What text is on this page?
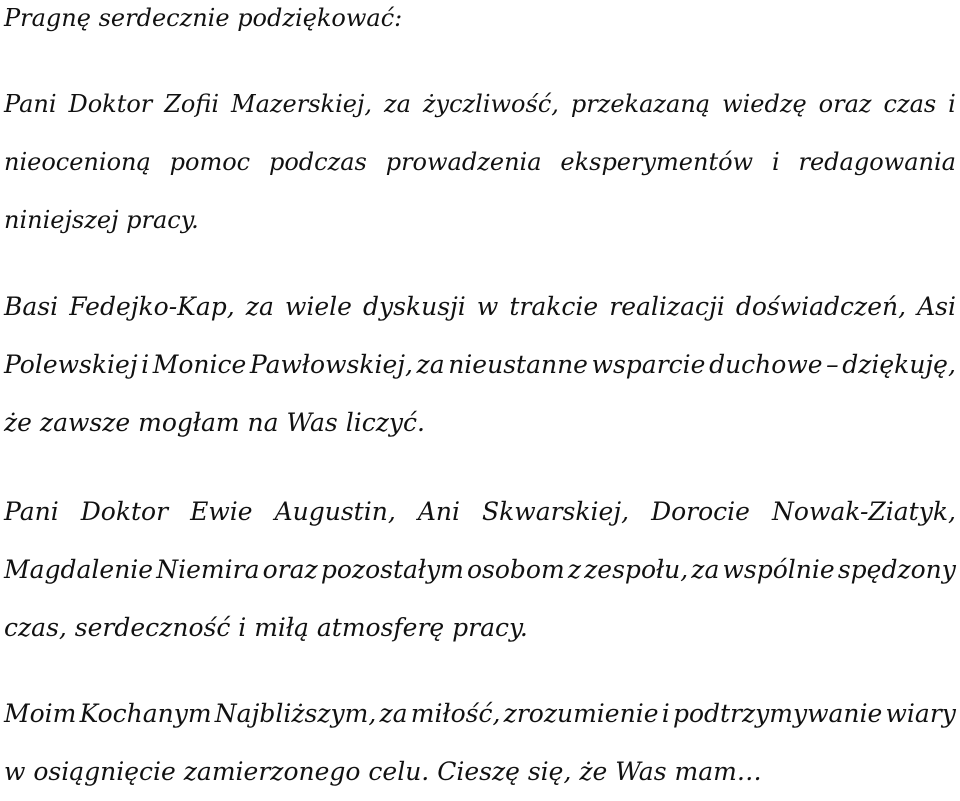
Pragnę serdecznie podziękować:
Pani Doktor Zofii Mazerskiej, za życzliwość, przekazaną wiedzę oraz czas i
nieocenioną pomoc podczas prowadzenia eksperymentów i redagowania
niniejszej pracy.
Basi Fedejko-Kap, za wiele dyskusji w trakcie realizacji doświadczeń, Asi
Polewskiej i Monice Pawłowskiej, za nieustanne wsparcie duchowe – dziękuję,
że zawsze mogłam na Was liczyć.
Pani Doktor Ewie Augustin, Ani Skwarskiej, Dorocie Nowak-Ziatyk,
Magdalenie Niemira oraz pozostałym osobom z zespołu, za wspólnie spędzony
czas, serdeczność i miłą atmosferę pracy.
Moim Kochanym Najbliższym, za miłość, zrozumienie i podtrzymywanie wiary
w osiągnięcie zamierzonego celu. Cieszę się, że Was mam…
